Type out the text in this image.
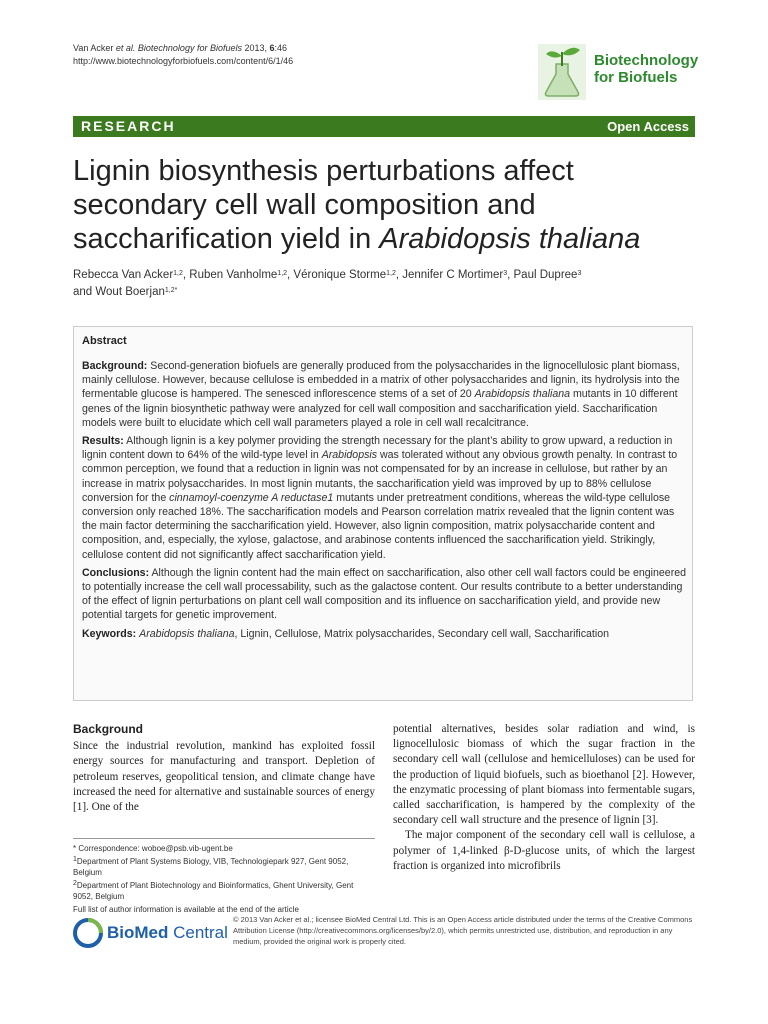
Van Acker et al. Biotechnology for Biofuels 2013, 6:46
http://www.biotechnologyforbiofuels.com/content/6/1/46	Biotechnology
for Biofuels
RESEARCH	Open Access
Lignin biosynthesis perturbations affect secondary cell wall composition and saccharification yield in Arabidopsis thaliana
Rebecca Van Acker$^{1,2}$, Ruben Vanholme$^{1,2}$, Véronique Storme$^{1,2}$, Jennifer C Mortimer$^3$, Paul Dupree$^3$
and Wout Boerjan$^{1,2*}$
Abstract

Background: Second-generation biofuels are generally produced from the polysaccharides in the lignocellulosic plant biomass, mainly cellulose. However, because cellulose is embedded in a matrix of other polysaccharides and lignin, its hydrolysis into the fermentable glucose is hampered. The senesced inflorescence stems of a set of 20 Arabidopsis thaliana mutants in 10 different genes of the lignin biosynthetic pathway were analyzed for cell wall composition and saccharification yield. Saccharification models were built to elucidate which cell wall parameters played a role in cell wall recalcitrance.

Results: Although lignin is a key polymer providing the strength necessary for the plant’s ability to grow upward, a reduction in lignin content down to 64% of the wild-type level in Arabidopsis was tolerated without any obvious growth penalty. In contrast to common perception, we found that a reduction in lignin was not compensated for by an increase in cellulose, but rather by an increase in matrix polysaccharides. In most lignin mutants, the saccharification yield was improved by up to 88% cellulose conversion for the cinnamoyl-coenzyme A reductase1 mutants under pretreatment conditions, whereas the wild-type cellulose conversion only reached 18%. The saccharification models and Pearson correlation matrix revealed that the lignin content was the main factor determining the saccharification yield. However, also lignin composition, matrix polysaccharide content and composition, and, especially, the xylose, galactose, and arabinose contents influenced the saccharification yield. Strikingly, cellulose content did not significantly affect saccharification yield.

Conclusions: Although the lignin content had the main effect on saccharification, also other cell wall factors could be engineered to potentially increase the cell wall processability, such as the galactose content. Our results contribute to a better understanding of the effect of lignin perturbations on plant cell wall composition and its influence on saccharification yield, and provide new potential targets for genetic improvement.

Keywords: Arabidopsis thaliana, Lignin, Cellulose, Matrix polysaccharides, Secondary cell wall, Saccharification

Background
Since the industrial revolution, mankind has exploited fossil energy sources for manufacturing and transport. Depletion of petroleum reserves, geopolitical tension, and climate change have increased the need for alternative and sustainable sources of energy [1]. One of the
potential alternatives, besides solar radiation and wind, is lignocellulosic biomass of which the sugar fraction in the secondary cell wall (cellulose and hemicelluloses) can be used for the production of liquid biofuels, such as bioethanol [2]. However, the enzymatic processing of plant biomass into fermentable sugars, called saccharification, is hampered by the complexity of the secondary cell wall structure and the presence of lignin [3].
The major component of the secondary cell wall is cellulose, a polymer of 1,4-linked β-D-glucose units, of which the largest fraction is organized into microfibrils

* Correspondence: woboe@psb.vib-ugent.be

$^1$Department of Plant Systems Biology, VIB, Technologiepark 927, Gent 9052, Belgium

$^2$Department of Plant Biotechnology and Bioinformatics, Ghent University, Gent 9052, Belgium

Full list of author information is available at the end of the article

BioMed Central
© 2013 Van Acker et al.; licensee BioMed Central Ltd. This is an Open Access article distributed under the terms of the Creative Commons Attribution License (http://creativecommons.org/licenses/by/2.0), which permits unrestricted use, distribution, and reproduction in any medium, provided the original work is properly cited.
